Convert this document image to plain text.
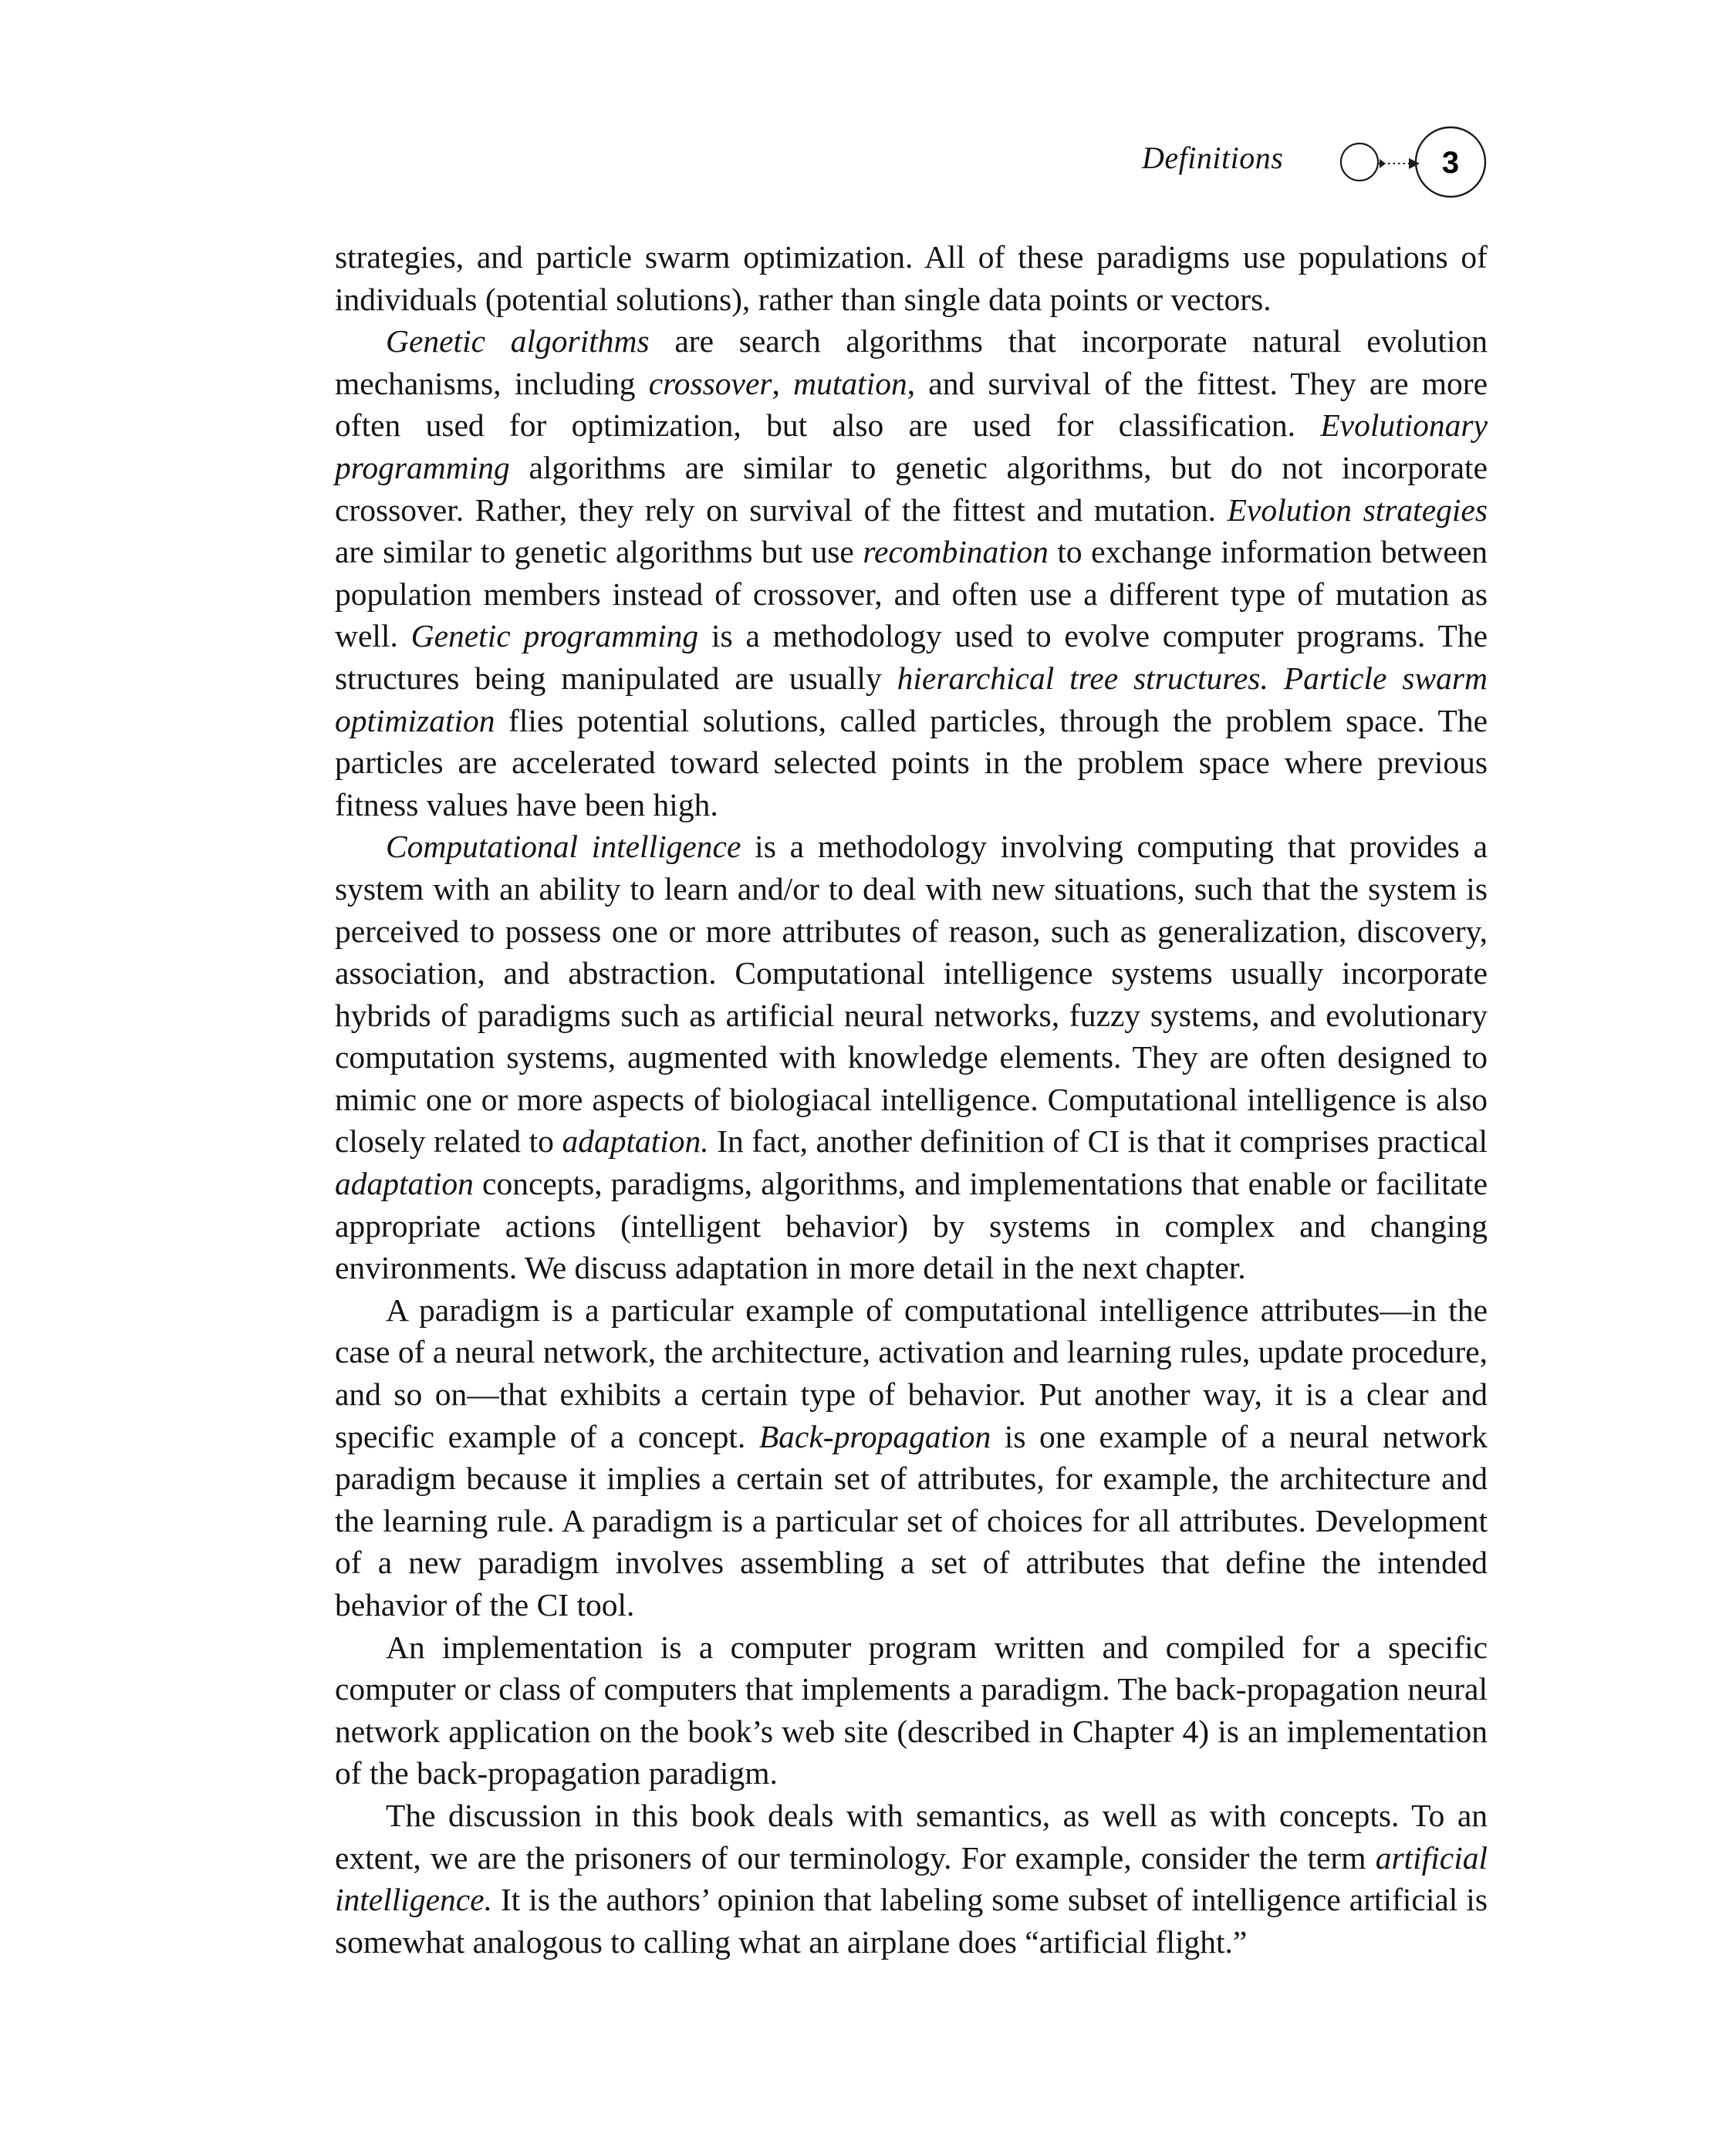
Definitions	3

strategies, and particle swarm optimization. All of these paradigms use populations of individuals (potential solutions), rather than single data points or vectors.

Genetic algorithms are search algorithms that incorporate natural evolution mechanisms, including crossover, mutation, and survival of the fittest. They are more often used for optimization, but also are used for classification. Evolutionary programming algorithms are similar to genetic algorithms, but do not incorporate crossover. Rather, they rely on survival of the fittest and mutation. Evolution strategies are similar to genetic algorithms but use recombination to exchange information between population members instead of crossover, and often use a different type of mutation as well. Genetic programming is a methodology used to evolve computer programs. The structures being manipulated are usually hierarchical tree structures. Particle swarm optimization flies potential solutions, called particles, through the problem space. The particles are accelerated toward selected points in the problem space where previous fitness values have been high.

Computational intelligence is a methodology involving computing that provides a system with an ability to learn and/or to deal with new situations, such that the system is perceived to possess one or more attributes of reason, such as generalization, discovery, association, and abstraction. Computational intelligence systems usually incorporate hybrids of paradigms such as artificial neural networks, fuzzy systems, and evolutionary computation systems, augmented with knowledge elements. They are often designed to mimic one or more aspects of biologiacal intelligence. Computational intelligence is also closely related to adaptation. In fact, another definition of CI is that it comprises practical adaptation concepts, paradigms, algorithms, and implementations that enable or facilitate appropriate actions (intelligent behavior) by systems in complex and changing environments. We discuss adaptation in more detail in the next chapter.

A paradigm is a particular example of computational intelligence attributes—in the case of a neural network, the architecture, activation and learning rules, update procedure, and so on—that exhibits a certain type of behavior. Put another way, it is a clear and specific example of a concept. Back-propagation is one example of a neural network paradigm because it implies a certain set of attributes, for example, the architecture and the learning rule. A paradigm is a particular set of choices for all attributes. Development of a new paradigm involves assembling a set of attributes that define the intended behavior of the CI tool.

An implementation is a computer program written and compiled for a specific computer or class of computers that implements a paradigm. The back-propagation neural network application on the book’s web site (described in Chapter 4) is an implementation of the back-propagation paradigm.

The discussion in this book deals with semantics, as well as with concepts. To an extent, we are the prisoners of our terminology. For example, consider the term artificial intelligence. It is the authors’ opinion that labeling some subset of intelligence artificial is somewhat analogous to calling what an airplane does “artificial flight.”
